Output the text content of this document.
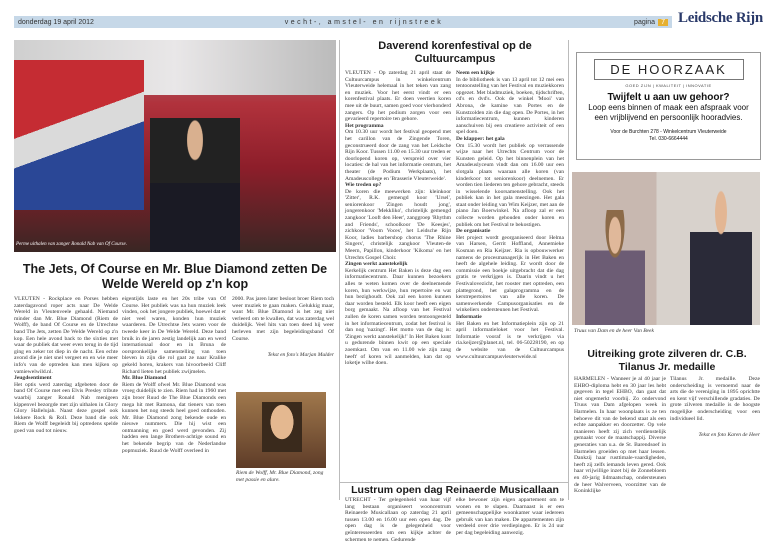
donderdag 19 april 2012	vecht-, amstel- en rijnstreek	pagina 7 Leidsche Rijn
Perme uithalen van zanger Ronald Nab van Of Course.
The Jets, Of Course en Mr. Blue Diamond zetten De Welde Wereld op z'n kop
VLEUTEN - Rockplace en Porses hebben zaterdagavond roper acts naar De Welde Wereld in Vleutenveele gehaald. Niemand minder dan Mr. Blue Diamond (Riem de Wolff), de band Of Course en de Utrechtse band The Jets, zetten De Welde Wereld op z'n kop. Een hele avond back to the sixties met waar de publiek dat weer even terug in de tijd ging en zeker tot diep in de nacht. Een echte avond die je niet snel vergeet en en wie meer info's van de optreden kan men kijken op vamiewelwild.nl.
Jeugdsentiment
Het optis werd zaterdag afgebeten door de band Of Course met een Elvis Presley tribute waarbij zanger Ronald Nab menigeen kippenvel bezorgde met zijn uithalen in Glory Glory Hallelujah. Naast deze gospel ook lekkere Rock & Roll. Deze band die ook Riem de Wolff begeleidt bij optredens spelde goed van oud tot nieuw.
eigentijds laste en het 20s tribe van Of Course. Het publiek was na hun muziek leek vinden, ook het jongere publiek, hoewel dat er niet veel waren, konden hun muziek waarderen. De Utrechtse Jets waren voor de tweede keer in De Welde Wereld. Deze band bruik in de jaren zestig landelijk aan en werd internationaal door en in Bruna de oorspronkelijke samenstelling van toen bleven in zijn die rol gaat ze naar Kralike gekeld horen, krakers van hivoorbeeld Cliff Richard lieten het publiek zwijmelen.
Mr. Blue Diamond
Riem de Wolff ofwel Mr. Blue Diamond was vroeg duidelijk te zien. Riem had in 1960 met zijn broer Ruud de The Blue Diamonds een mega hit met Ramona, dat tieners van toen kunnen het nog steeds heel goed onthouden. Mr. Blue Diamond zong bekende oude en nieuwe nummers. Die hij wist een ontmanning en goed werd gevonden. Zij hadden een lange Brothers-achtige sound en het bekende begrip van de Nederlandse popmuziek. Ruud de Wolff overleed in
2000. Pas jaren later besloot broer Riem toch weer muziek te gaan maken. Gelukkig maar, want Mr. Blue Diamond is het zeg niet verleerd om te kwallen, dat was zaterdag wel duidelijk. Veel hits van toen deed hij weer herleven met zijn begeleidingsband Of Course.
Tekst en foto's Marjan Mulder
Riem de Wolff, Mr. Blue Diamond, zong met passie en alure.
Daverend korenfestival op de Cultuurcampus
VLEUTEN - Op zaterdag 21 april staat de Cultuurcampus in winkelcentrum Vleuterweide helemaal in het teken van zang en muziek. Voor het eerst vindt er een korenfestival plaats. Er doen veertien koren mee uit de buurt, samen goed voor vierhonderd zangers. Op het podium zorgen voor een gevarieerd repertoire ten gehore.
Het programma
Om 10.30 uur wordt het festival geopend met het carillon van de Zingende Toren, geconstrueerd door de zang van het Leidsche Rijn Koor. Tussen 11.00 en 15.30 uur treden er doorlopend koren op, verspreid over vier locaties: de hal van het informatie centrum, het theater (de Podium Werkplaats), het Amadeuscollege en 'Brasserie Vleuterweide'.
Wie treden op?
De koren die meewerken zijn: kleinkoor 'Zitter', R.K. gemengd koor 'Ursel', seniorenkoor 'Zingen houdt jong', jongerenkoor 'Mekkliko', christelijk gemengd zangkoor 'Looft den Heer', zanggroep 'Rhythm and Friends', schoolkoor 'De Keesjes', zichkoor 'Voom Voces', het Leidsche Rijn Koor, ladies barbershop chorus 'The Rhine Singers', christelijk zangkoor Vleuten-de Meern, Papillon, kinderkoor 'Kikoma' en het Utrechts Gospel Choir.
Zingen werkt aanstekelijk
Kerkelijk centrum Het Baken is deze dag een informatiecentrum. Daar kunnen bezoekers alles te weten komen over de deelnemende koren, hun werkwijze, hun repertoire en wat hun bezighoudt. Ook zal een koren kunnen daar worden besteld. Elk koor heeft een eigen borg gemaakt. Na afloop van het Festival zullen de koren samen worden tentoongesteld in het informatiecentrum, zodat het festival is dan nog 'nazingt'. Het motto van de dag is: 'Zingen werkt aanstekelijk!' In Het Baken kunt u gedurende binnen kwit op een speciale zoemkast. Om van en 11.00 wie zijn zang heeft' of koren wil aanmelden, kan dat op loketje wilhe doen.
Neem een kijkje
In de bibliotheek is van 13 april tot 12 mei een tentoonstelling van het Festival en muziekkoren opgezet. Met bladmuziek, boeken, tijdschriften, cd's en dvd's. Ook de winkel 'Mooi' van Abrona, de kamine van Portes en de Kunstzolden zin die dag open. De Portes, in het informatiecentrum, kunnen kinderen aanschuiven bij een creatieve activiteit of een spel doen.
De klapper: het gala
Om 15.30 wordt het publiek op verrassende wijze naar het Utrechts Centrum voor de Kunsten geleid. Op het binnenplein van het Amadeuslyceum vindt dan om 16.00 uur een slotgala plaats waaraan alle koren (van kinderkoor tot seniorenkoor) deelnemen. Er worden tien liederen ten gehore gebracht, steeds in wisselende koorsamenstelling. Ook het publiek kan in het gala meezingen. Het gala staat onder leiding van Wim Keijzer, met aan de piano Jan Boerwinkel. Na afloop zal er een collecte worden gehouden onder koren en publiek om het Festival te bekostigen.
De organisatie
Het project wordt georganiseerd door Helma van Harsen, Gerrit Hoffland, Annemieke Kosman en Ria Keijzer. Ria is opbouwwerker namens de procesmanagerijk in Het Baken en heeft de algehele leiding. Er wordt door de commissie een boekje uitgebracht dat die dag gratis te verkrijgen is. Daarin vindt u het Festivalovezicht, het rooster met optreden, een plattegrond, het galaprogramma en de kerstrepertoires van alle koren. De samenwerkende Campusorganisaties en de winkeliers ondersteunen het Festival.
Informatie
Het Baken en het Informatieplein zijn op 21 april informatieloket voor het Festival. Informatie vooraf is te verkrijgen via ria.keijzer@planet.nl, tel. 06-50228190, en op de website van de Cultuurcampus www.cultuurcampusvleuterweide.nl
Lustrum open dag Reinaerde Musicallaan
UTRECHT - Ter gelegenheid van haar vijf lang bestaan organiseert wooncentrum Reinaerde Musicallaan op zaterdag 21 april tussen 13.00 en 16.00 uur een open dag. De open dag is de gelegenheid voor geïnteresseerden om een kijkje achter de schermen te nemen. Gedurende
elke bewoner zijn eigen appartement om te wonen en te slapen. Daarnaast is er een gemeenschappelijke woonkamer waar iedereen gebruik van kan maken. De appartementen zijn verdeeld over drie verdiepingen. Er is 24 uur per dag begeleiding aanwezig.
DE HOORZAAK
GOED ZIJN | KWALITEIT | INNOVATIE
Twijfelt u aan uw gehoor?
Loop eens binnen of maak een afspraak voor
een vrijblijvend en persoonlijk hooradvies.
Voor de Burchten 278 - Winkelcentrum Vleuterweide
Tel. 030-6664444
Truus van Dam en de heer Van Beek
Uitreiking grote zilveren dr. C.B. Tilanus Jr. medaille
HARMELEN - Wanneer je al 40 jaar je EHBO-diploma hebt en 30 jaar les hebt gegeven in tegel EHBO, dan gaat dat niet ongemerkt voorbij. Zo ondervond Truus van Dam afgelopen week in Harmelen. In haar woonplaats is ze ten behoeve dit van de bekend staat als een echte aanpakker en doorzetter. Op vele manieren heeft zij zich verdienstelijk gemaakt voor de maatschappij. Diverse generaties van u.a. de St. Barendsoef in Harmelen groeiden op met haar lessen. Dankzij haar rusttimale-vaardigheden, heeft zij zelfs iemands leven gered. Ook haar vrijwillige inzet bij de Zonnebloem en 40-jarig lidmaatschap, ondersteunen de heer Walverveen, voorzitter van de Koninklijke
Tilanus Jr. medaille. Deze onderscheiding is vernoemd naar de arts die de vereniging in 1895 oprichtte en kent vijf verschillende gradaties. De grote zilveren medaille is de hoogste mogelijke onderscheiding voor een individueel lid.
Tekst en foto Karen de Heer
